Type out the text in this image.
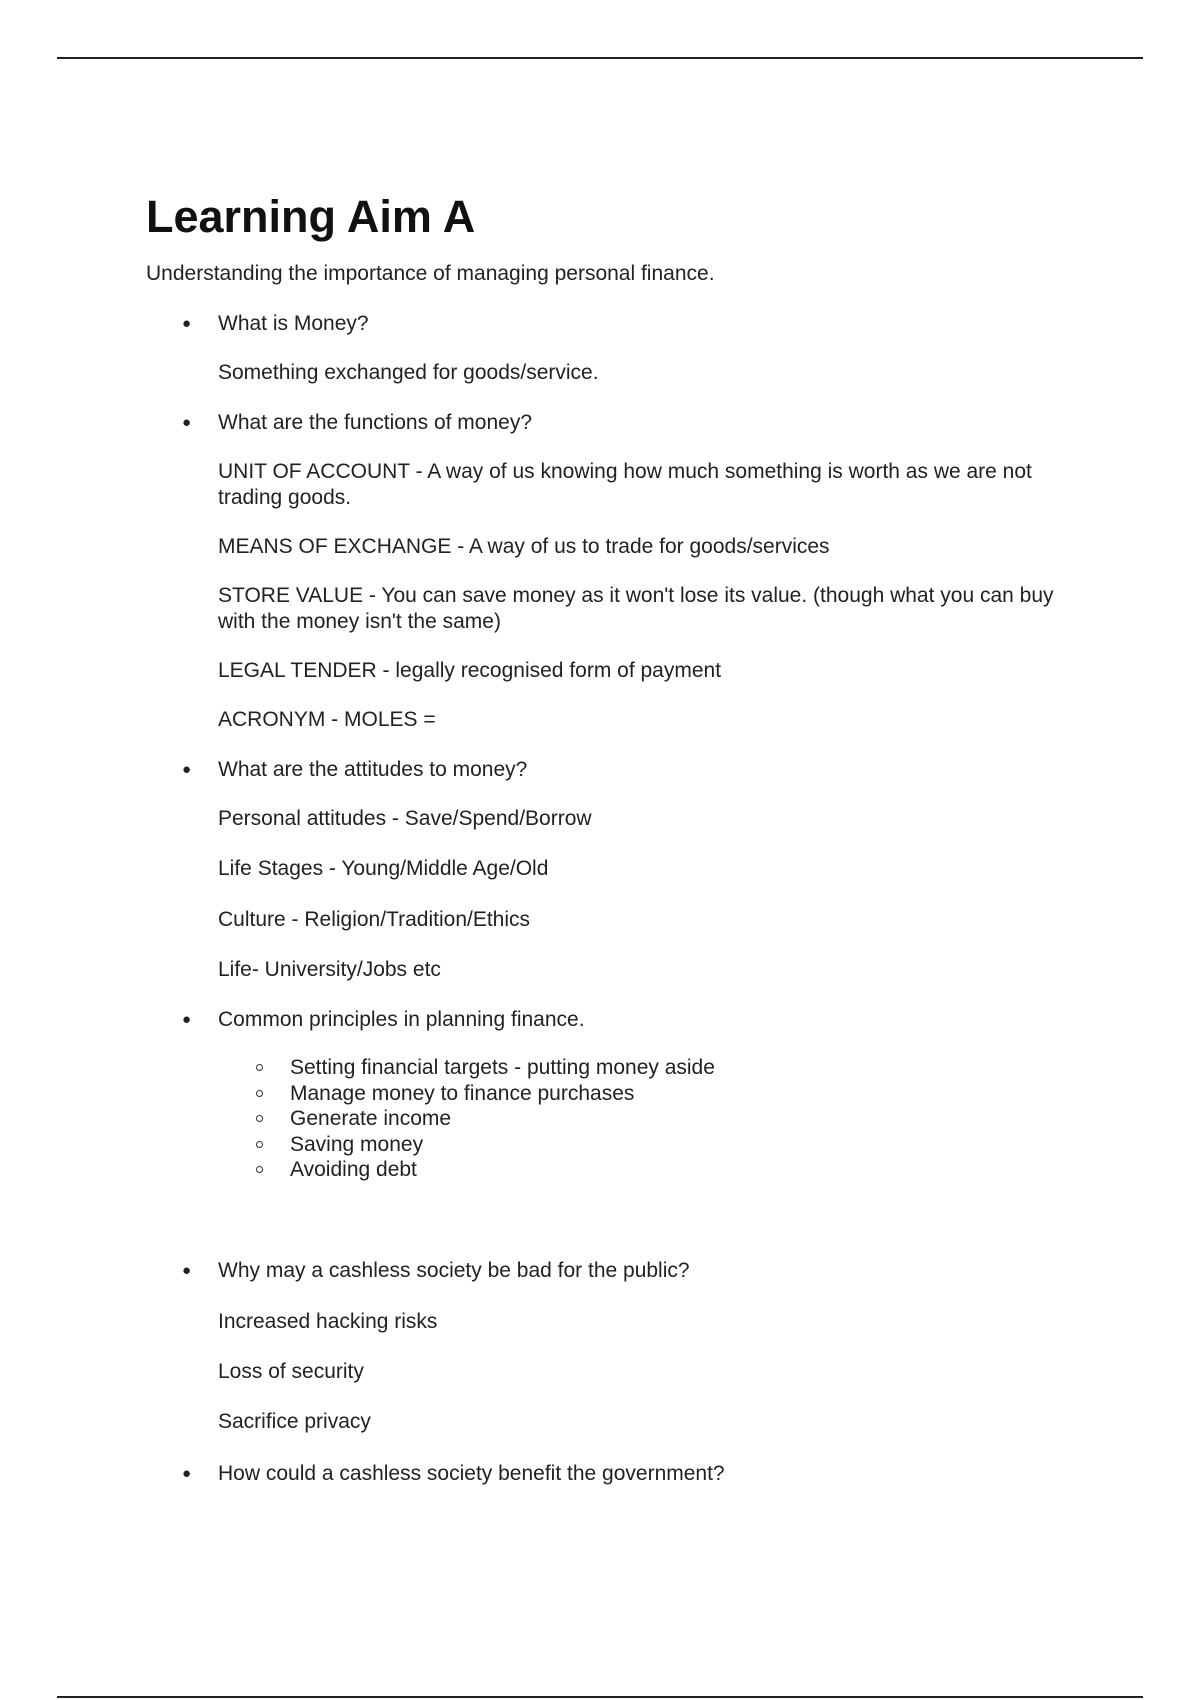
Learning Aim A

Understanding the importance of managing personal finance.

● What is Money?

Something exchanged for goods/service.

● What are the functions of money?

UNIT OF ACCOUNT - A way of us knowing how much something is worth as we are not trading goods.

MEANS OF EXCHANGE - A way of us to trade for goods/services

STORE VALUE - You can save money as it won't lose its value. (though what you can buy with the money isn't the same)

LEGAL TENDER - legally recognised form of payment

ACRONYM - MOLES =

● What are the attitudes to money?

Personal attitudes - Save/Spend/Borrow

Life Stages - Young/Middle Age/Old

Culture - Religion/Tradition/Ethics

Life- University/Jobs etc

● Common principles in planning finance.

Setting financial targets - putting money aside
Manage money to finance purchases
Generate income
Saving money
Avoiding debt

● Why may a cashless society be bad for the public?

Increased hacking risks

Loss of security

Sacrifice privacy

● How could a cashless society benefit the government?
